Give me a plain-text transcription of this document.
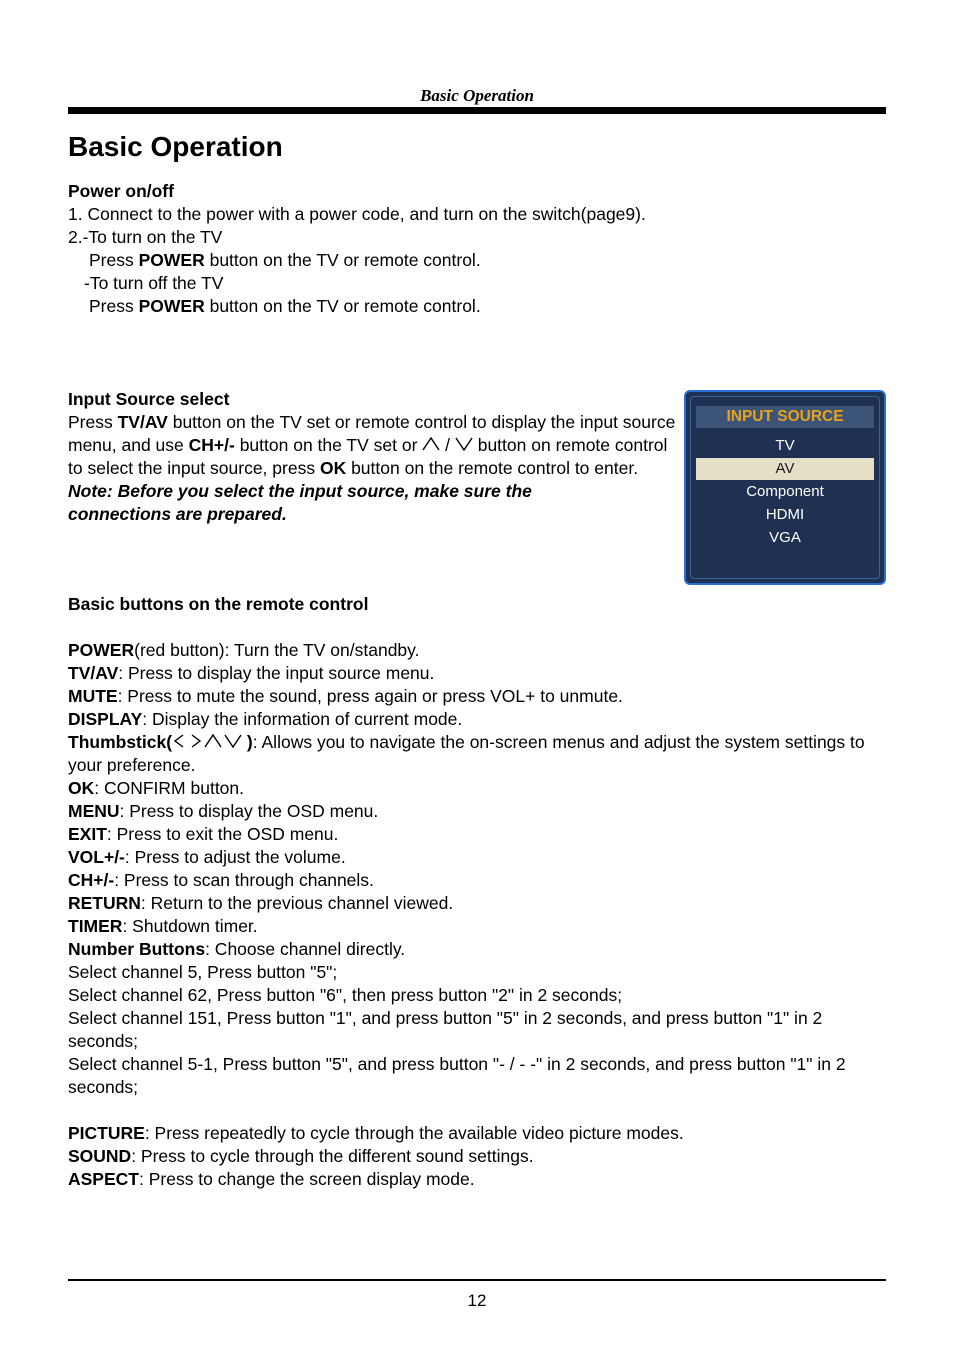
Basic Operation
Basic Operation
Power on/off
1. Connect to the power with a power code, and turn on the switch(page9).
2.-To turn on the TV
Press POWER button on the TV or remote control.
-To turn off the TV
Press POWER button on the TV or remote control.
Input Source select
Press TV/AV button on the TV set or remote control to display the input source menu, and use CH+/- button on the TV set or  /  button on remote control to select the input source, press OK button on the remote control to enter.
Note: Before you select the input source, make sure the connections are prepared.
INPUT SOURCE
TV
AV
Component
HDMI
VGA
Basic buttons on the remote control
POWER(red button): Turn the TV on/standby.
TV/AV: Press to display the input source menu.
MUTE: Press to mute the sound, press again or press VOL+ to unmute.
DISPLAY: Display the information of current mode.
Thumbstick(	): Allows you to navigate the on-screen menus and adjust the system settings to your preference.
OK: CONFIRM button.
MENU: Press to display the OSD menu.
EXIT: Press to exit the OSD menu.
VOL+/-: Press to adjust the volume.
CH+/-: Press to scan through channels.
RETURN: Return to the previous channel viewed.
TIMER: Shutdown timer.
Number Buttons: Choose channel directly.
Select channel 5, Press button "5";
Select channel 62, Press button "6", then press button "2" in 2 seconds;
Select channel 151, Press button "1", and press button "5" in 2 seconds, and press button "1" in 2 seconds;
Select channel 5-1, Press button "5", and press button "- / - -" in 2 seconds, and press button "1" in 2 seconds;
PICTURE: Press repeatedly to cycle through the available video picture modes.
SOUND: Press to cycle through the different sound settings.
ASPECT: Press to change the screen display mode.
12
